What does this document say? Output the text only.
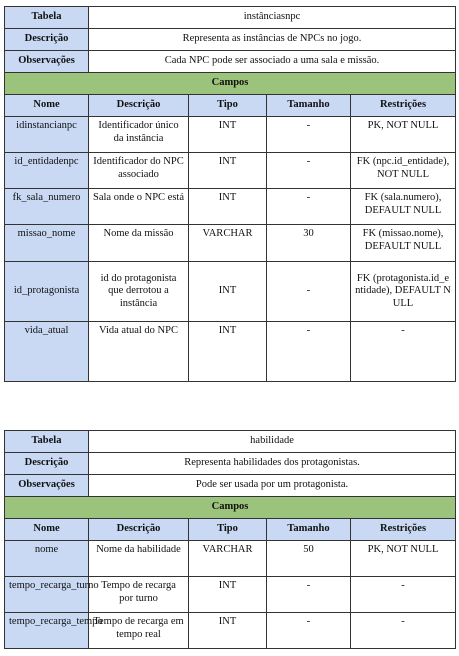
Tabela	instânciasnpc			
Descrição	Representa as instâncias de NPCs no jogo.			
Observações	Cada NPC pode ser associado a uma sala e missão.			
Campos				
Nome	Descrição	Tipo	Tamanho	Restrições
idinstancianpc	Identificador único da instância	INT	-	PK, NOT NULL
id_entidadenpc	Identificador do NPC associado	INT	-	FK (npc.id_entidade), NOT NULL
fk_sala_numero	Sala onde o NPC está	INT	-	FK (sala.numero), DEFAULT NULL
missao_nome	Nome da missão	VARCHAR	30	FK (missao.nome), DEFAULT NULL
id_protagonista	id do protagonista que derrotou a instância	INT	-	FK (protagonista.id_entidade), DEFAULT NULL
vida_atual	Vida atual do NPC	INT	-	-
Tabela	habilidade			
Descrição	Representa habilidades dos protagonistas.			
Observações	Pode ser usada por um protagonista.			
Campos				
Nome	Descrição	Tipo	Tamanho	Restrições
nome	Nome da habilidade	VARCHAR	50	PK, NOT NULL
tempo_recarga_turno	Tempo de recarga por turno	INT	-	-
tempo_recarga_tempo	Tempo de recarga em tempo real	INT	-	-
